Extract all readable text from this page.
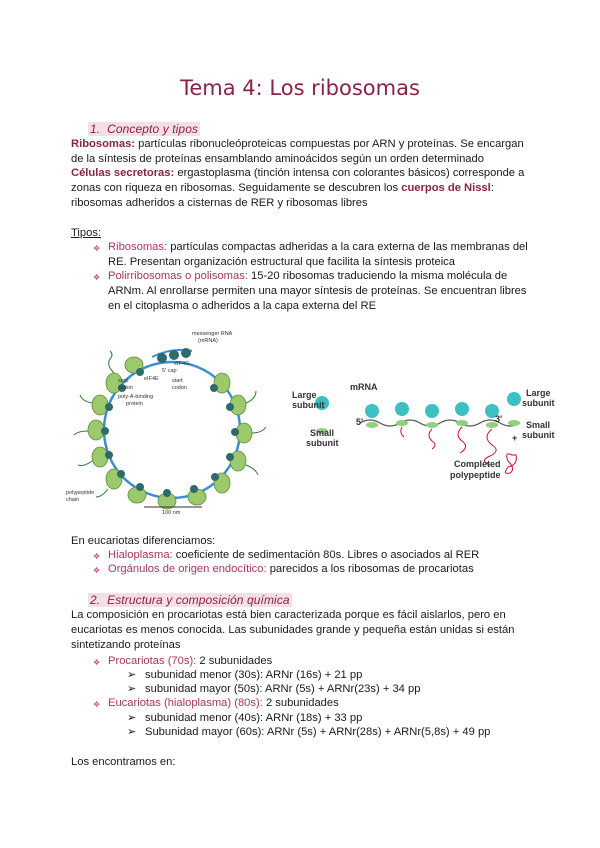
Tema 4: Los ribosomas
1. Concepto y tipos

Ribosomas: partículas ribonucleóproteicas compuestas por ARN y proteínas. Se encargan de la síntesis de proteínas ensamblando aminoácidos según un orden determinado

Células secretoras: ergastoplasma (tinción intensa con colorantes básicos) corresponde a zonas con riqueza en ribosomas. Seguidamente se descubren los cuerpos de Nissl: ribosomas adheridos a cisternas de RER y ribosomas libres

Tipos:
❖ Ribosomas: partículas compactas adheridas a la cara externa de las membranas del RE. Presentan organización estructural que facilita la síntesis proteica
❖ Polirribosomas o polisomas: 15-20 ribosomas traduciendo la misma molécula de ARNm. Al enrollarse permiten una mayor síntesis de proteínas. Se encuentran libres en el citoplasma o adheridos a la capa externa del RE
messenger RNA
(mRNA)
eIF4G
5' cap
eIF4E
stop
codon
start
codon
poly-A-binding
protein
polypeptide
chain
100 nm
Large
subunit
Small
subunit
mRNA
5'	3'
Large
subunit
Small
subunit
+
Completed
polypeptide

En eucariotas diferenciamos:

❖ Hialoplasma: coeficiente de sedimentación 80s. Libres o asociados al RER
❖ Orgánulos de origen endocítico: parecidos a los ribosomas de procariotas
2. Estructura y composición química

La composición en procariotas está bien caracterizada porque es fácil aislarlos, pero en eucariotas es menos conocida. Las subunidades grande y pequeña están unidas si están sintetizando proteínas

❖ Procariotas (70s): 2 subunidades
➢ subunidad menor (30s): ARNr (16s) + 21 pp
➢ subunidad mayor (50s): ARNr (5s) + ARNr(23s) + 34 pp
❖ Eucariotas (hialoplasma) (80s): 2 subunidades
➢ subunidad menor (40s): ARNr (18s) + 33 pp
➢ Subunidad mayor (60s): ARNr (5s) + ARNr(28s) + ARNr(5,8s) + 49 pp

Los encontramos en:
